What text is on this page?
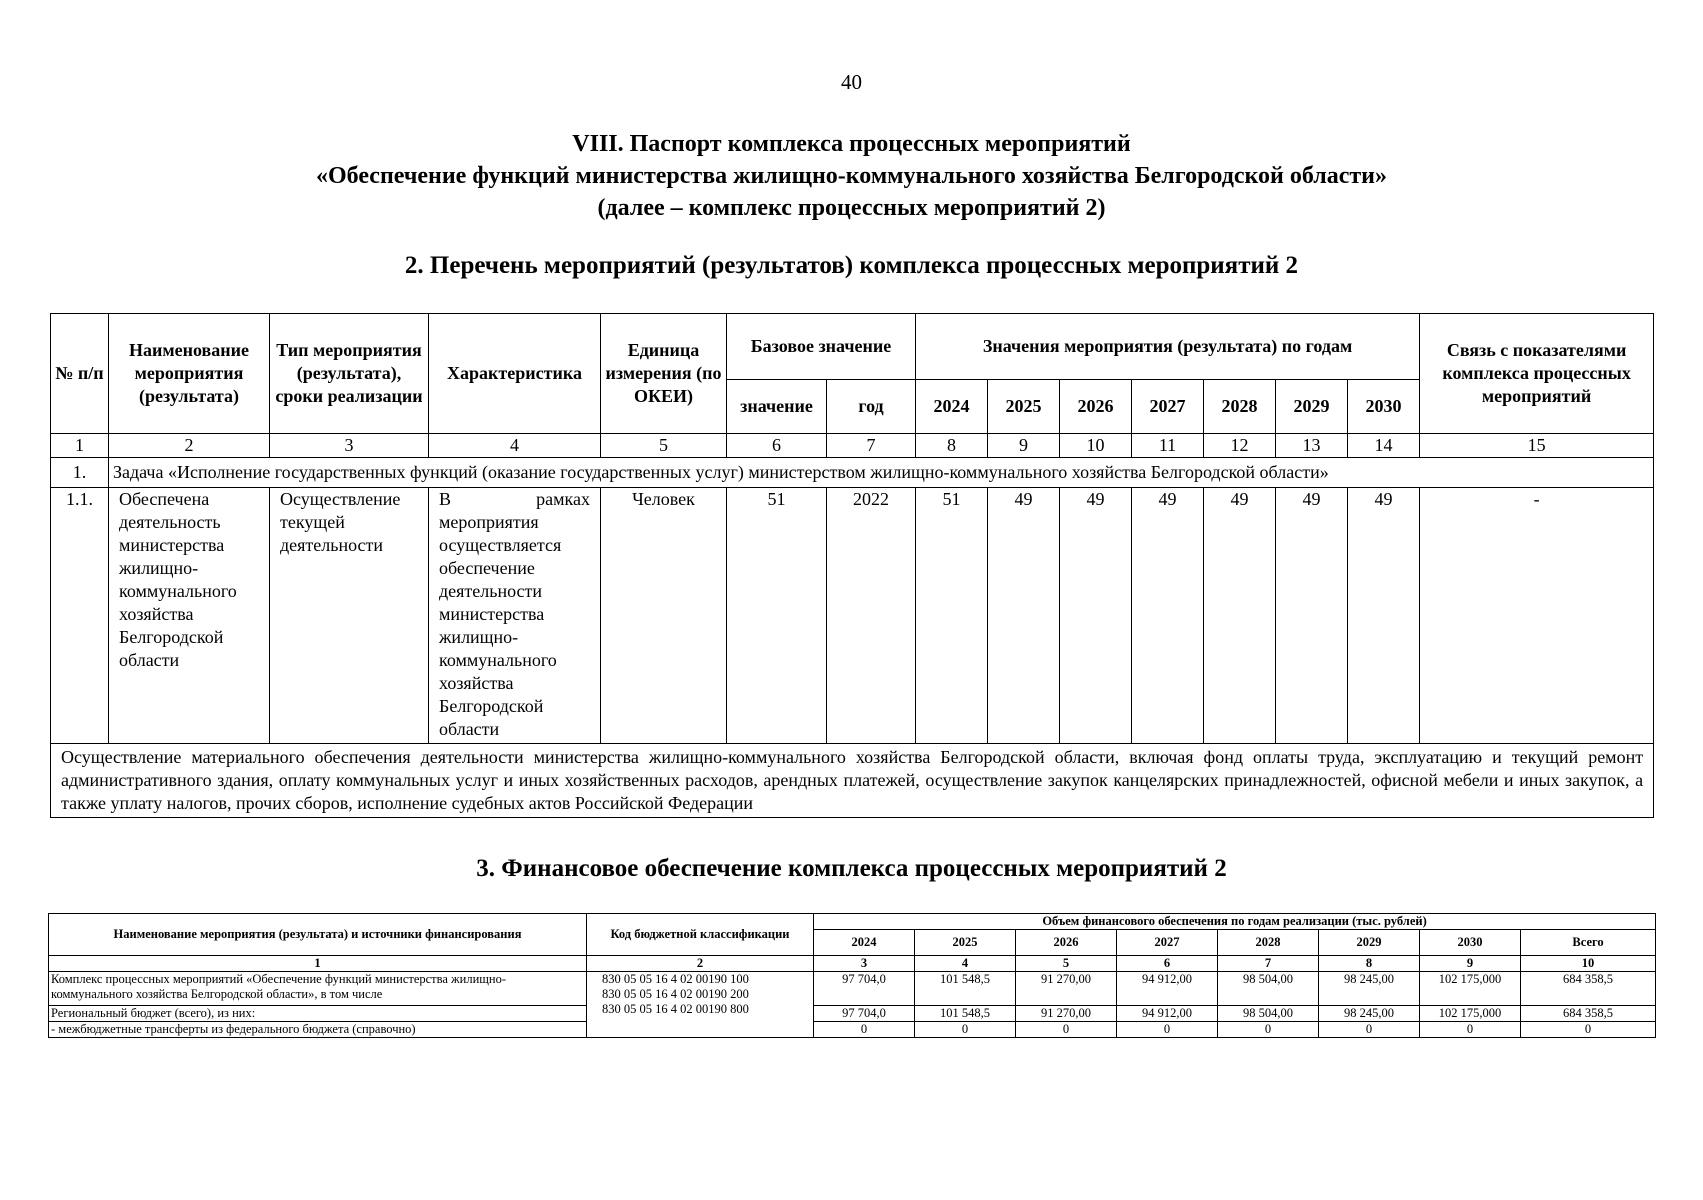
40
VIII. Паспорт комплекса процессных мероприятий
«Обеспечение функций министерства жилищно-коммунального хозяйства Белгородской области»
(далее – комплекс процессных мероприятий 2)
2. Перечень мероприятий (результатов) комплекса процессных мероприятий 2
№ п/п	Наименование мероприятия (результата)	Тип мероприятия (результата), сроки реализации	Характеристика	Единица измерения (по ОКЕИ)	Базовое значение		Значения мероприятия (результата) по годам							Связь с показателями комплекса процессных мероприятий
					значение	год	2024	2025	2026	2027	2028	2029	2030	
1	2	3	4	5	6	7	8	9	10	11	12	13	14	15
1.	Задача «Исполнение государственных функций (оказание государственных услуг) министерством жилищно-коммунального хозяйства Белгородской области»													
1.1.	Обеспечена деятельность министерства жилищно-коммунального хозяйства Белгородской области	Осуществление текущей деятельности	В рамках мероприятия осуществляется обеспечение деятельности министерства жилищно-коммунального хозяйства Белгородской области	Человек	51	2022	51	49	49	49	49	49	49	-
Осуществление материального обеспечения деятельности министерства жилищно-коммунального хозяйства Белгородской области, включая фонд оплаты труда, эксплуатацию и текущий ремонт административного здания, оплату коммунальных услуг и иных хозяйственных расходов, арендных платежей, осуществление закупок канцелярских принадлежностей, офисной мебели и иных закупок, а также уплату налогов, прочих сборов, исполнение судебных актов Российской Федерации														
3. Финансовое обеспечение комплекса процессных мероприятий 2
Наименование мероприятия (результата) и источники финансирования	Код бюджетной классификации	Объем финансового обеспечения по годам реализации (тыс. рублей)							
		2024	2025	2026	2027	2028	2029	2030	Всего
1	2	3	4	5	6	7	8	9	10
Комплекс процессных мероприятий «Обеспечение функций министерства жилищно-коммунального хозяйства Белгородской области», в том числе	830 05 05 16 4 02 00190 100
830 05 05 16 4 02 00190 200
830 05 05 16 4 02 00190 800	97 704,0	101 548,5	91 270,00	94 912,00	98 504,00	98 245,00	102 175,000	684 358,5
Региональный бюджет (всего), из них:		97 704,0	101 548,5	91 270,00	94 912,00	98 504,00	98 245,00	102 175,000	684 358,5
- межбюджетные трансферты из федерального бюджета (справочно)		0	0	0	0	0	0	0	0
